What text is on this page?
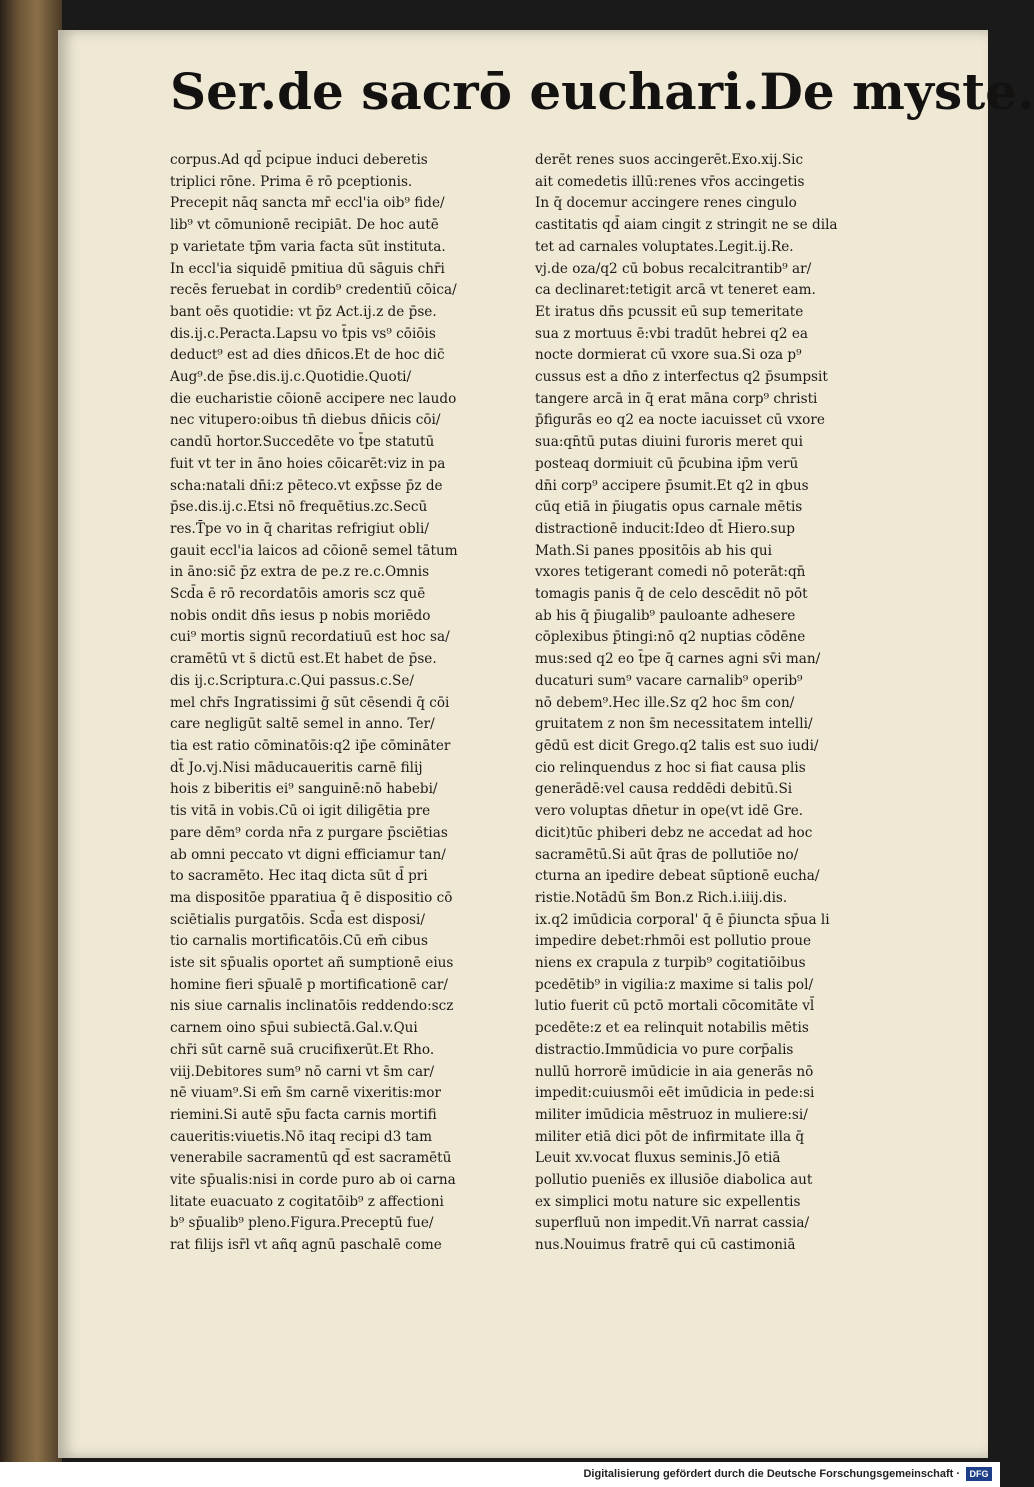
Ser.de sacrō euchari.De myste.
corpus.Ad qd̄ pcipue induci deberetis
triplici rōne. Prima ē rō pceptionis.
Precepit nāq sancta mr̄ eccl'ia oib⁹ fide/
lib⁹ vt cōmunionē recipiāt. De hoc autē
p varietate tp̄m varia facta sūt instituta.
In eccl'ia siquidē pmitiua dū sāguis chr̄i
recēs feruebat in cordib⁹ credentiū cōica/
bant oēs quotidie: vt p̄z Act.ij.z de p̄se.
dis.ij.c.Peracta.Lapsu vo t̄pis vs⁹ cōiōis
deduct⁹ est ad dies dn̄icos.Et de hoc dic̄
Aug⁹.de p̄se.dis.ij.c.Quotidie.Quoti/
die eucharistie cōionē accipere nec laudo
nec vitupero:oibus tn̄ diebus dn̄icis cōi/
candū hortor.Succedēte vo t̄pe statutū
fuit vt ter in āno hoies cōicarēt:viz in pa
scha:natali dn̄i:z pēteco.vt exp̄sse p̄z de
p̄se.dis.ij.c.Etsi nō frequētius.zc.Secū
res.T̄pe vo in q̄ charitas refrigiut obli/
gauit eccl'ia laicos ad cōionē semel tātum
in āno:sic̄ p̄z extra de pe.z re.c.Omnis
Scd̄a ē rō recordatōis amoris scz quē
nobis ondit dn̄s iesus p nobis moriēdo
cui⁹ mortis signū recordatiuū est hoc sa/
cramētū vt s̄ dictū est.Et habet de p̄se.
dis ij.c.Scriptura.c.Qui passus.c.Se/
mel chr̄s Ingratissimi ḡ sūt cēsendi q̄ cōi
care negligūt saltē semel in anno. Ter/
tia est ratio cōminatōis:q2 ip̄e cōmināter
dt̄ Jo.vj.Nisi māducaueritis carnē filij
hois z biberitis ei⁹ sanguinē:nō habebi/
tis vitā in vobis.Cū oi igit diligētia pre
pare dēm⁹ corda nr̄a z purgare p̄sciētias
ab omni peccato vt digni efficiamur tan/
to sacramēto. Hec itaq dicta sūt d̄ pri
ma dispositōe pparatiua q̄ ē dispositio cō
sciētialis purgatōis. Scd̄a est disposi/
tio carnalis mortificatōis.Cū em̄ cibus
iste sit sp̄ualis oportet añ sumptionē eius
homine fieri sp̄ualē p mortificationē car/
nis siue carnalis inclinatōis reddendo:scz
carnem oino sp̄ui subiectā.Gal.v.Qui
chr̄i sūt carnē suā crucifixerūt.Et Rho.
viij.Debitores sum⁹ nō carni vt s̄m car/
nē viuam⁹.Si em̄ s̄m carnē vixeritis:mor
riemini.Si autē sp̄u facta carnis mortifi
caueritis:viuetis.Nō itaq recipi d3 tam
venerabile sacramentū qd̄ est sacramētū
vite sp̄ualis:nisi in corde puro ab oi carna
litate euacuato z cogitatōib⁹ z affectioni
b⁹ sp̄ualib⁹ pleno.Figura.Preceptū fue/
rat filijs isr̄l vt añq agnū paschalē come
derēt renes suos accingerēt.Exo.xij.Sic
ait comedetis illū:renes vr̄os accingetis
In q̄ docemur accingere renes cingulo
castitatis qd̄ aiam cingit z stringit ne se dila
tet ad carnales voluptates.Legit.ij.Re.
vj.de oza/q2 cū bobus recalcitrantib⁹ ar/
ca declinaret:tetigit arcā vt teneret eam.
Et iratus dn̄s pcussit eū sup temeritate
sua z mortuus ē:vbi tradūt hebrei q2 ea
nocte dormierat cū vxore sua.Si oza p⁹
cussus est a dn̄o z interfectus q2 p̄sumpsit
tangere arcā in q̄ erat māna corp⁹ christi
p̄figurās eo q2 ea nocte iacuisset cū vxore
sua:qn̄tū putas diuini furoris meret qui
posteaq dormiuit cū p̄cubina ip̄m verū
dn̄i corp⁹ accipere p̄sumit.Et q2 in qbus
cūq etiā in p̄iugatis opus carnale mētis
distractionē inducit:Ideo dt̄ Hiero.sup
Math.Si panes ppositōis ab his qui
vxores tetigerant comedi nō poterāt:qn̄
tomagis panis q̄ de celo descēdit nō pōt
ab his q̄ p̄iugalib⁹ pauloante adhesere
cōplexibus p̄tingi:nō q2 nuptias cōdēne
mus:sed q2 eo t̄pe q̄ carnes agni sv̄i man/
ducaturi sum⁹ vacare carnalib⁹ operib⁹
nō debem⁹.Hec ille.Sz q2 hoc s̄m con/
gruitatem z non s̄m necessitatem intelli/
gēdū est dicit Grego.q2 talis est suo iudi/
cio relinquendus z hoc si fiat causa plis
generādē:vel causa reddēdi debitū.Si
vero voluptas dn̄etur in ope(vt idē Gre.
dicit)tūc phiberi debz ne accedat ad hoc
sacramētū.Si aūt q̄ras de pollutiōe no/
cturna an ipedire debeat sūptionē eucha/
ristie.Notādū s̄m Bon.z Rich.i.iiij.dis.
ix.q2 imūdicia corporal' q̄ ē p̄iuncta sp̄ua li
impedire debet:rhmōi est pollutio proue
niens ex crapula z turpib⁹ cogitatiōibus
pcedētib⁹ in vigilia:z maxime si talis pol/
lutio fuerit cū pctō mortali cōcomitāte vl̄
pcedēte:z et ea relinquit notabilis mētis
distractio.Immūdicia vo pure corp̄alis
nullū horrorē imūdicie in aia generās nō
impedit:cuiusmōi eēt imūdicia in pede:si
militer imūdicia mēstruoz in muliere:si/
militer etiā dici pōt de infirmitate illa q̄
Leuit xv.vocat fluxus seminis.Jō etiā
pollutio pueniēs ex illusiōe diabolica aut
ex simplici motu nature sic expellentis
superfluū non impedit.Vn̄ narrat cassia/
nus.Nouimus fratrē qui cū castimoniā
Digitalisierung gefördert durch die Deutsche Forschungsgemeinschaft ·	DFG
